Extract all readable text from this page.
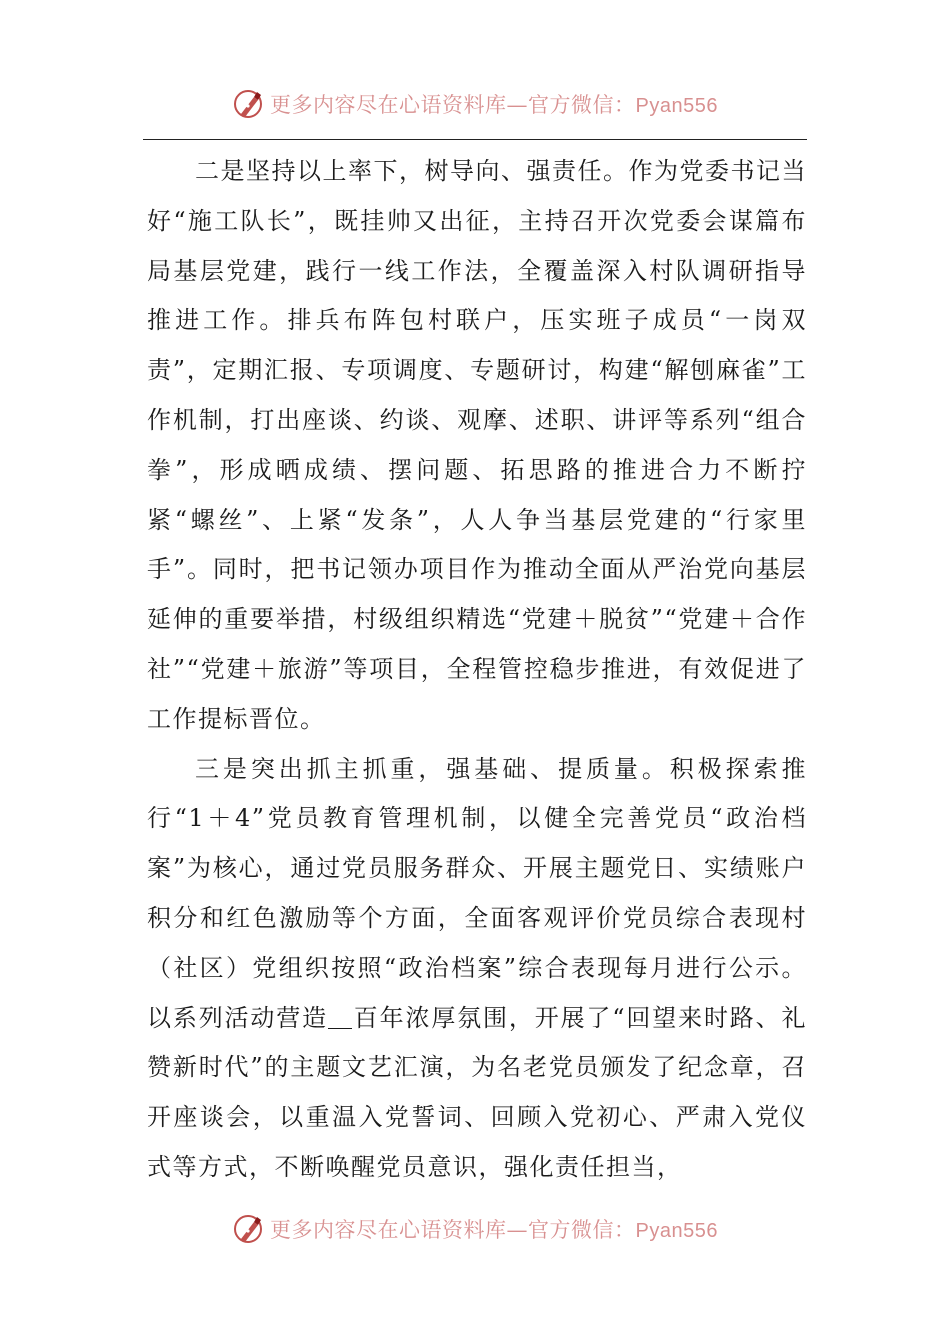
更多内容尽在心语资料库—官方微信：Pyan556

二是坚持以上率下，树导向、强责任。作为党委书记当好“施工队长”，既挂帅又出征，主持召开次党委会谋篇布局基层党建，践行一线工作法，全覆盖深入村队调研指导推进工作。排兵布阵包村联户，压实班子成员“一岗双责”，定期汇报、专项调度、专题研讨，构建“解刨麻雀”工作机制，打出座谈、约谈、观摩、述职、讲评等系列“组合拳”，形成晒成绩、摆问题、拓思路的推进合力不断拧紧“螺丝”、上紧“发条”，人人争当基层党建的“行家里手”。同时，把书记领办项目作为推动全面从严治党向基层延伸的重要举措，村级组织精选“党建＋脱贫”“党建＋合作社”“党建＋旅游”等项目，全程管控稳步推进，有效促进了工作提标晋位。

三是突出抓主抓重，强基础、提质量。积极探索推行“1＋4”党员教育管理机制，以健全完善党员“政治档案”为核心，通过党员服务群众、开展主题党日、实绩账户积分和红色激励等个方面，全面客观评价党员综合表现村（社区）党组织按照“政治档案”综合表现每月进行公示。以系列活动营造＿百年浓厚氛围，开展了“回望来时路、礼赞新时代”的主题文艺汇演，为名老党员颁发了纪念章，召开座谈会，以重温入党誓词、回顾入党初心、严肃入党仪式等方式，不断唤醒党员意识，强化责任担当，

更多内容尽在心语资料库—官方微信：Pyan556
